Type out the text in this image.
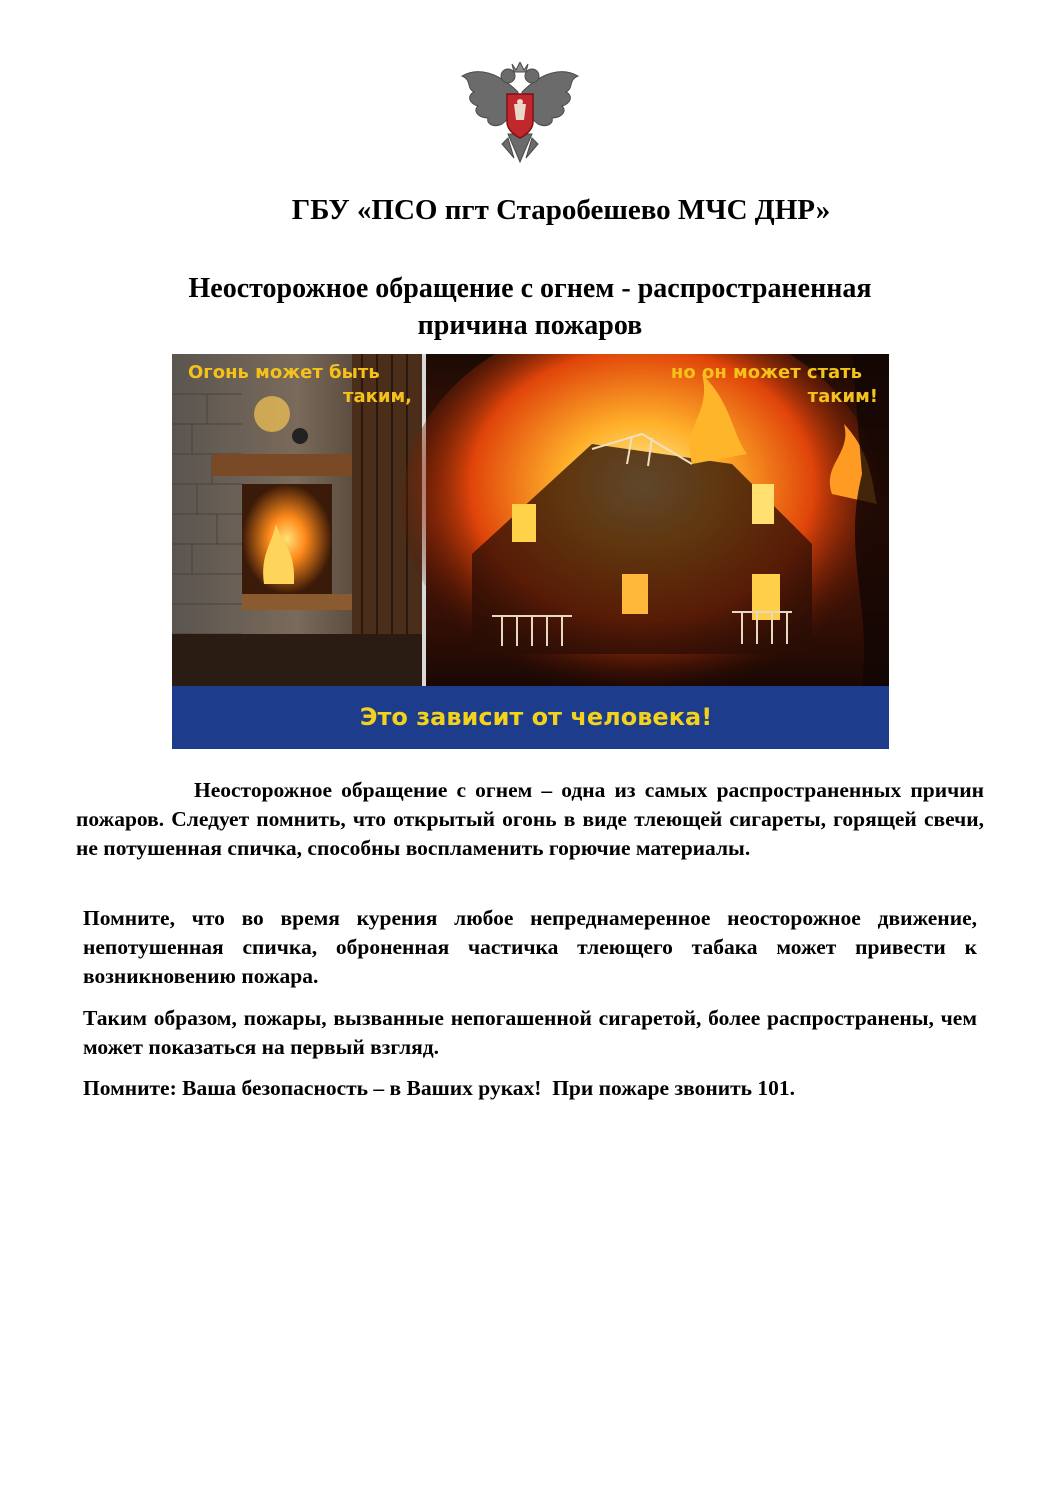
ГБУ «ПСО пгт Старобешево МЧС ДНР»
Неосторожное обращение с огнем - распространенная
причина пожаров
Огонь может быть
таким,
но он может стать
таким!
Это зависит от человека!
Неосторожное обращение с огнем – одна из самых распространенных причин пожаров. Следует помнить, что открытый огонь в виде тлеющей сигареты, горящей свечи, не потушенная спичка, способны воспламенить горючие материалы.
Помните, что во время курения любое непреднамеренное неосторожное движение, непотушенная спичка, оброненная частичка тлеющего табака может привести к возникновению пожара.
Таким образом, пожары, вызванные непогашенной сигаретой, более распространены, чем может показаться на первый взгляд.
Помните: Ваша безопасность – в Ваших руках! При пожаре звонить 101.
